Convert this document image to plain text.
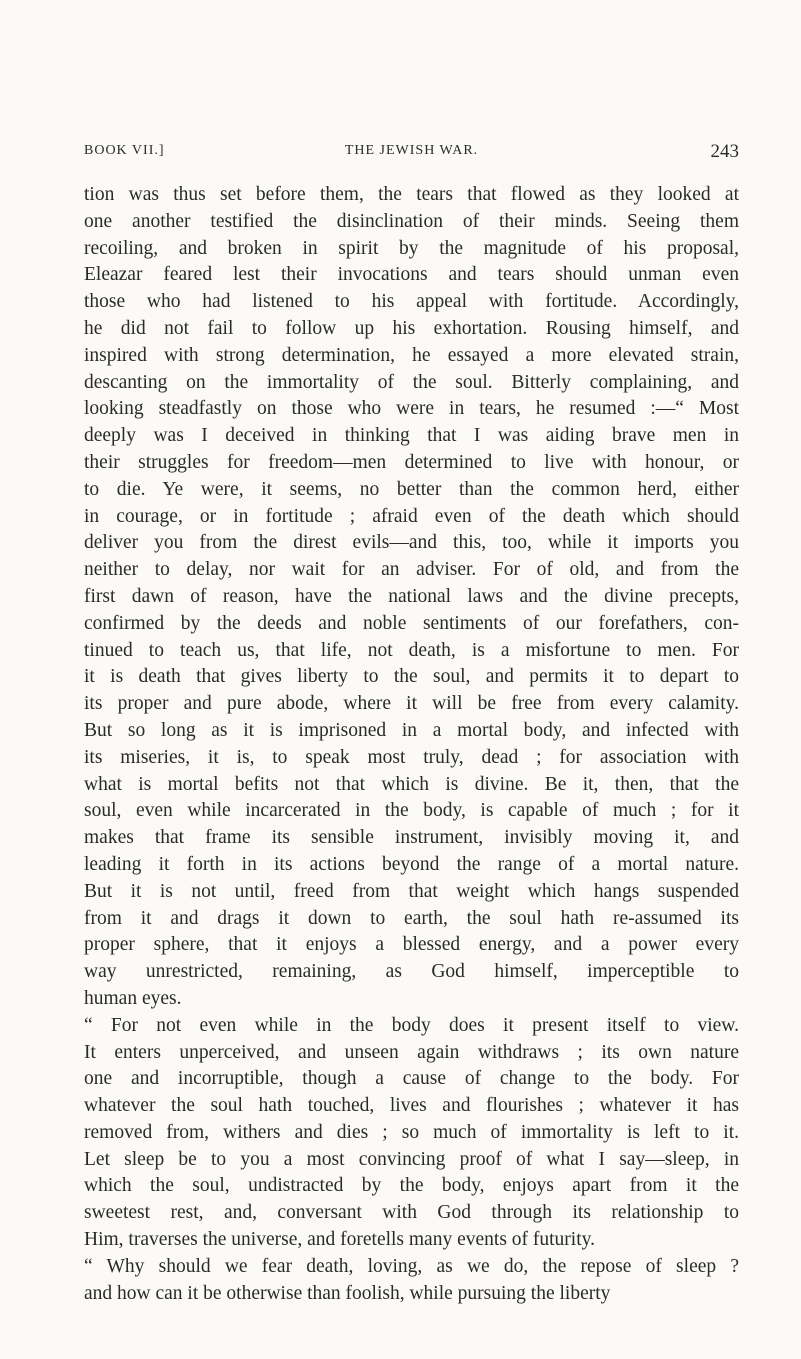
BOOK VII.]	THE JEWISH WAR.	243
tion was thus set before them, the tears that flowed as they looked at
one another testified the disinclination of their minds. Seeing them
recoiling, and broken in spirit by the magnitude of his proposal,
Eleazar feared lest their invocations and tears should unman even
those who had listened to his appeal with fortitude. Accordingly,
he did not fail to follow up his exhortation. Rousing himself, and
inspired with strong determination, he essayed a more elevated strain,
descanting on the immortality of the soul. Bitterly complaining, and
looking steadfastly on those who were in tears, he resumed :—“ Most
deeply was I deceived in thinking that I was aiding brave men in
their struggles for freedom—men determined to live with honour, or
to die. Ye were, it seems, no better than the common herd, either
in courage, or in fortitude ; afraid even of the death which should
deliver you from the direst evils—and this, too, while it imports you
neither to delay, nor wait for an adviser. For of old, and from the
first dawn of reason, have the national laws and the divine precepts,
confirmed by the deeds and noble sentiments of our forefathers, con-
tinued to teach us, that life, not death, is a misfortune to men. For
it is death that gives liberty to the soul, and permits it to depart to
its proper and pure abode, where it will be free from every calamity.
But so long as it is imprisoned in a mortal body, and infected with
its miseries, it is, to speak most truly, dead ; for association with
what is mortal befits not that which is divine. Be it, then, that the
soul, even while incarcerated in the body, is capable of much ; for it
makes that frame its sensible instrument, invisibly moving it, and
leading it forth in its actions beyond the range of a mortal nature.
But it is not until, freed from that weight which hangs suspended
from it and drags it down to earth, the soul hath re-assumed its
proper sphere, that it enjoys a blessed energy, and a power every
way unrestricted, remaining, as God himself, imperceptible to
human eyes.
“ For not even while in the body does it present itself to view.
It enters unperceived, and unseen again withdraws ; its own nature
one and incorruptible, though a cause of change to the body. For
whatever the soul hath touched, lives and flourishes ; whatever it has
removed from, withers and dies ; so much of immortality is left to it.
Let sleep be to you a most convincing proof of what I say—sleep, in
which the soul, undistracted by the body, enjoys apart from it the
sweetest rest, and, conversant with God through its relationship to
Him, traverses the universe, and foretells many events of futurity.
“ Why should we fear death, loving, as we do, the repose of sleep ?
and how can it be otherwise than foolish, while pursuing the liberty
